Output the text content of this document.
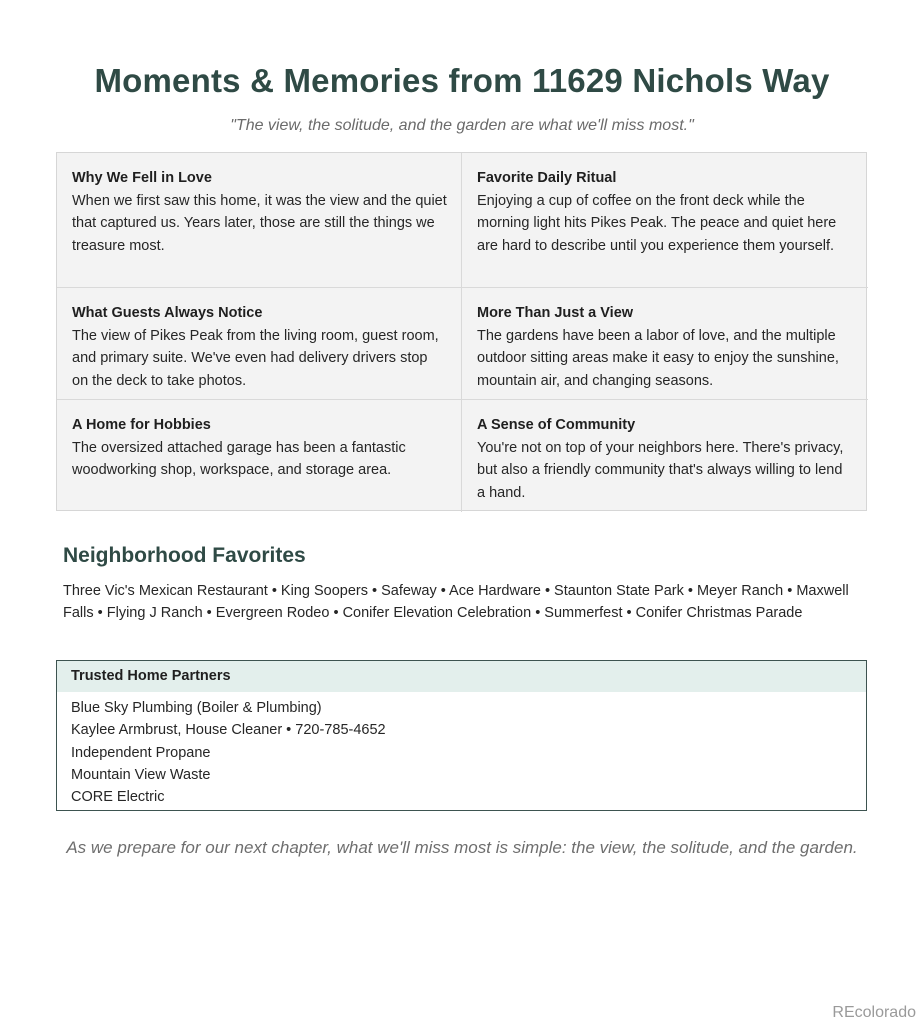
Moments & Memories from 11629 Nichols Way
"The view, the solitude, and the garden are what we'll miss most."
Why We Fell in Love
When we first saw this home, it was the view and the quiet that captured us. Years later, those are still the things we treasure most.
Favorite Daily Ritual
Enjoying a cup of coffee on the front deck while the morning light hits Pikes Peak. The peace and quiet here are hard to describe until you experience them yourself.
What Guests Always Notice
The view of Pikes Peak from the living room, guest room, and primary suite. We've even had delivery drivers stop on the deck to take photos.
More Than Just a View
The gardens have been a labor of love, and the multiple outdoor sitting areas make it easy to enjoy the sunshine, mountain air, and changing seasons.
A Home for Hobbies
The oversized attached garage has been a fantastic woodworking shop, workspace, and storage area.
A Sense of Community
You're not on top of your neighbors here. There's privacy, but also a friendly community that's always willing to lend a hand.
Neighborhood Favorites
Three Vic's Mexican Restaurant • King Soopers • Safeway • Ace Hardware • Staunton State Park • Meyer Ranch • Maxwell Falls • Flying J Ranch • Evergreen Rodeo • Conifer Elevation Celebration • Summerfest • Conifer Christmas Parade
Trusted Home Partners
Blue Sky Plumbing (Boiler & Plumbing)
Kaylee Armbrust, House Cleaner • 720-785-4652
Independent Propane
Mountain View Waste
CORE Electric
As we prepare for our next chapter, what we'll miss most is simple: the view, the solitude, and the garden.
REcolorado
